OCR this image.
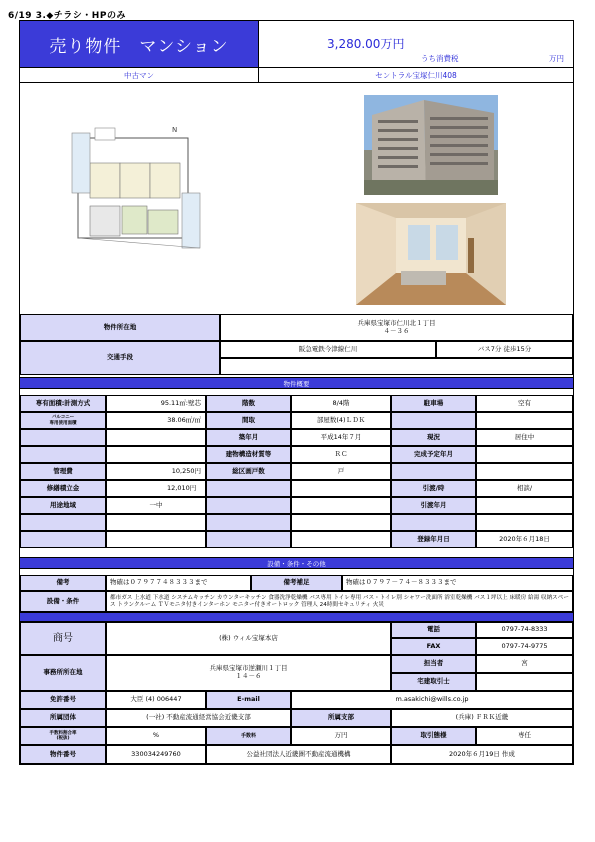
6/19 3.◆チラシ・HPのみ
売り物件　マンション	3,280.00万円
うち消費税	万円
中古マン	セントラル宝塚仁川408
N
物件所在地	兵庫県宝塚市仁川北１丁目
４－３６
交通手段
阪急電鉄今津線仁川	バス7分 徒歩15分
物件概要
専有面積:計測方式	95.11㎡:壁芯	階数	8/4階	駐車場	空有
バルコニー
専用使用面積	38.06㎡/㎡	間取	部屋数(4)ＬＤＫ
築年月	平成14年７月	現況	居住中
建物構造材質等	ＲＣ	完成予定年月
管理費	10,250円	総区画戸数	戸
修繕積立金	12,010円	引渡/時	相談/
用途地域	一中	引渡年月
登録年月日	2020年６月18日
設備・条件・その他
備考	物確は０７９７７４８３３３まで	備考補足	物確は０７９７－７４－８３３３まで
設備・条件	都市ガス 上水道 下水道 システムキッチン カウンターキッチン 食器洗浄乾燥機 バス専用 トイレ専用 バス・トイレ別 シャワー洗面所 浴室乾燥機 バス１坪以上 床暖房 給湯 収納スペース トランクルーム ＴＶモニタ付きインターホン モニター付きオートロック 管理人 24時間セキュリティ 火災
商号	(株) ウィル宝塚本店
電話	0797-74-8333
FAX	0797-74-9775
事務所所在地	兵庫県宝塚市逆瀬川１丁目
１４－６
担当者	宮
宅建取引士
免許番号	大臣 (4) 006447	E-mail	m.asakichi@wills.co.jp
所属団体	(一社) 不動産流通経営協会近畿支部	所属支部	(兵庫) ＦＲＫ近畿
手数料割合率
(税抜)	%	手数料	万円	取引態様	専任
物件番号	330034249760	公益社団法人近畿圏不動産流通機構	2020年６月19日 作成
